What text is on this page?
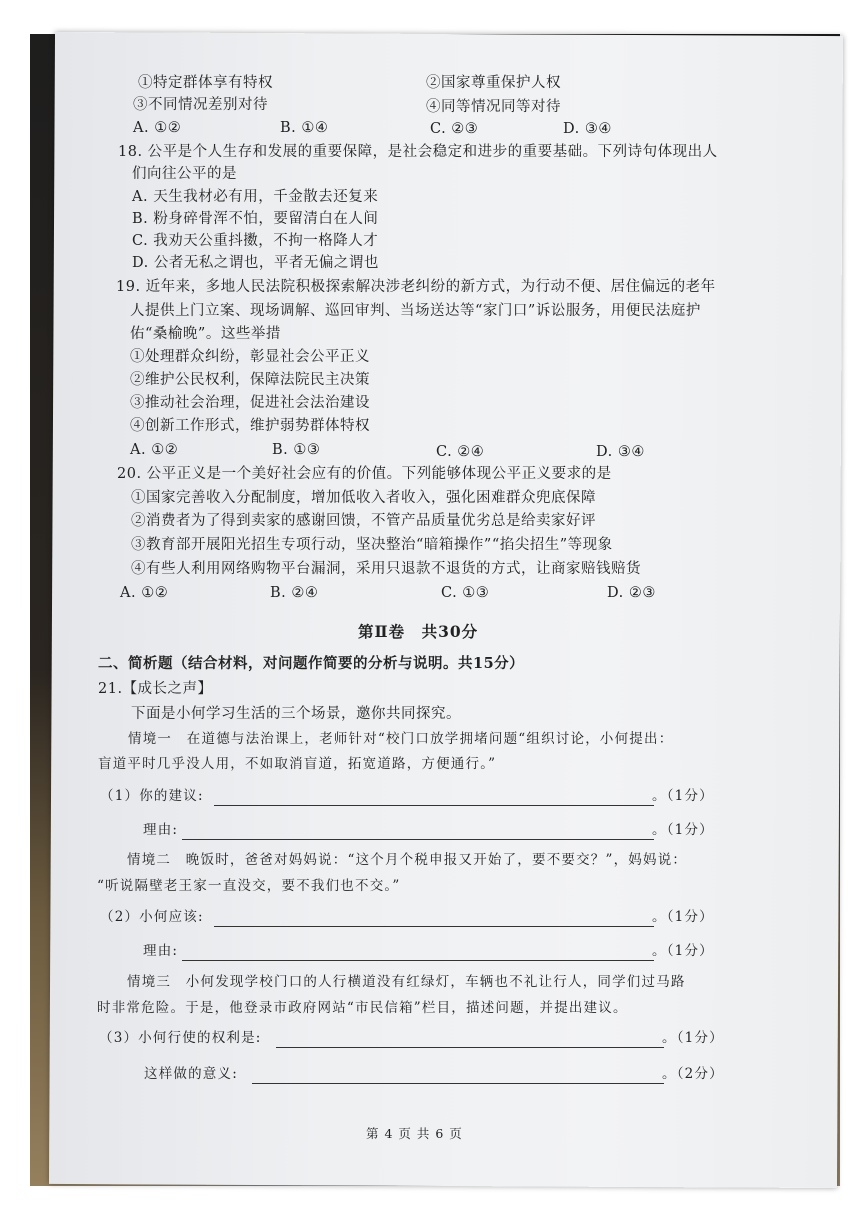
①特定群体享有特权	②国家尊重保护人权
③不同情况差别对待	④同等情况同等对待
A. ①②	B. ①④	C. ②③	D. ③④
18. 公平是个人生存和发展的重要保障，是社会稳定和进步的重要基础。下列诗句体现出人
们向往公平的是
A. 天生我材必有用，千金散去还复来
B. 粉身碎骨浑不怕，要留清白在人间
C. 我劝天公重抖擞，不拘一格降人才
D. 公者无私之谓也，平者无偏之谓也
19. 近年来，多地人民法院积极探索解决涉老纠纷的新方式，为行动不便、居住偏远的老年
人提供上门立案、现场调解、巡回审判、当场送达等“家门口”诉讼服务，用便民法庭护
佑“桑榆晚”。这些举措
①处理群众纠纷，彰显社会公平正义
②维护公民权利，保障法院民主决策
③推动社会治理，促进社会法治建设
④创新工作形式，维护弱势群体特权
A. ①②	B. ①③	C. ②④	D. ③④
20. 公平正义是一个美好社会应有的价值。下列能够体现公平正义要求的是
①国家完善收入分配制度，增加低收入者收入，强化困难群众兜底保障
②消费者为了得到卖家的感谢回馈，不管产品质量优劣总是给卖家好评
③教育部开展阳光招生专项行动，坚决整治“暗箱操作”“掐尖招生”等现象
④有些人利用网络购物平台漏洞，采用只退款不退货的方式，让商家赔钱赔货
A. ①②	B. ②④	C. ①③	D. ②③
第Ⅱ卷　共30分
二、简析题（结合材料，对问题作简要的分析与说明。共15分）
21.【成长之声】
下面是小何学习生活的三个场景，邀你共同探究。
情境一　在道德与法治课上，老师针对“校门口放学拥堵问题“组织讨论，小何提出：
盲道平时几乎没人用，不如取消盲道，拓宽道路，方便通行。”
（1）你的建议:	。（1分）
理由:	。（1分）
情境二　晚饭时，爸爸对妈妈说：“这个月个税申报又开始了，要不要交？”，妈妈说：
“听说隔壁老王家一直没交，要不我们也不交。”
（2）小何应该:	。（1分）
理由:	。（1分）
情境三　小何发现学校门口的人行横道没有红绿灯，车辆也不礼让行人，同学们过马路
时非常危险。于是，他登录市政府网站“市民信箱”栏目，描述问题，并提出建议。
（3）小何行使的权利是:	。（1分）
这样做的意义:	。（2分）
第 4 页 共 6 页
